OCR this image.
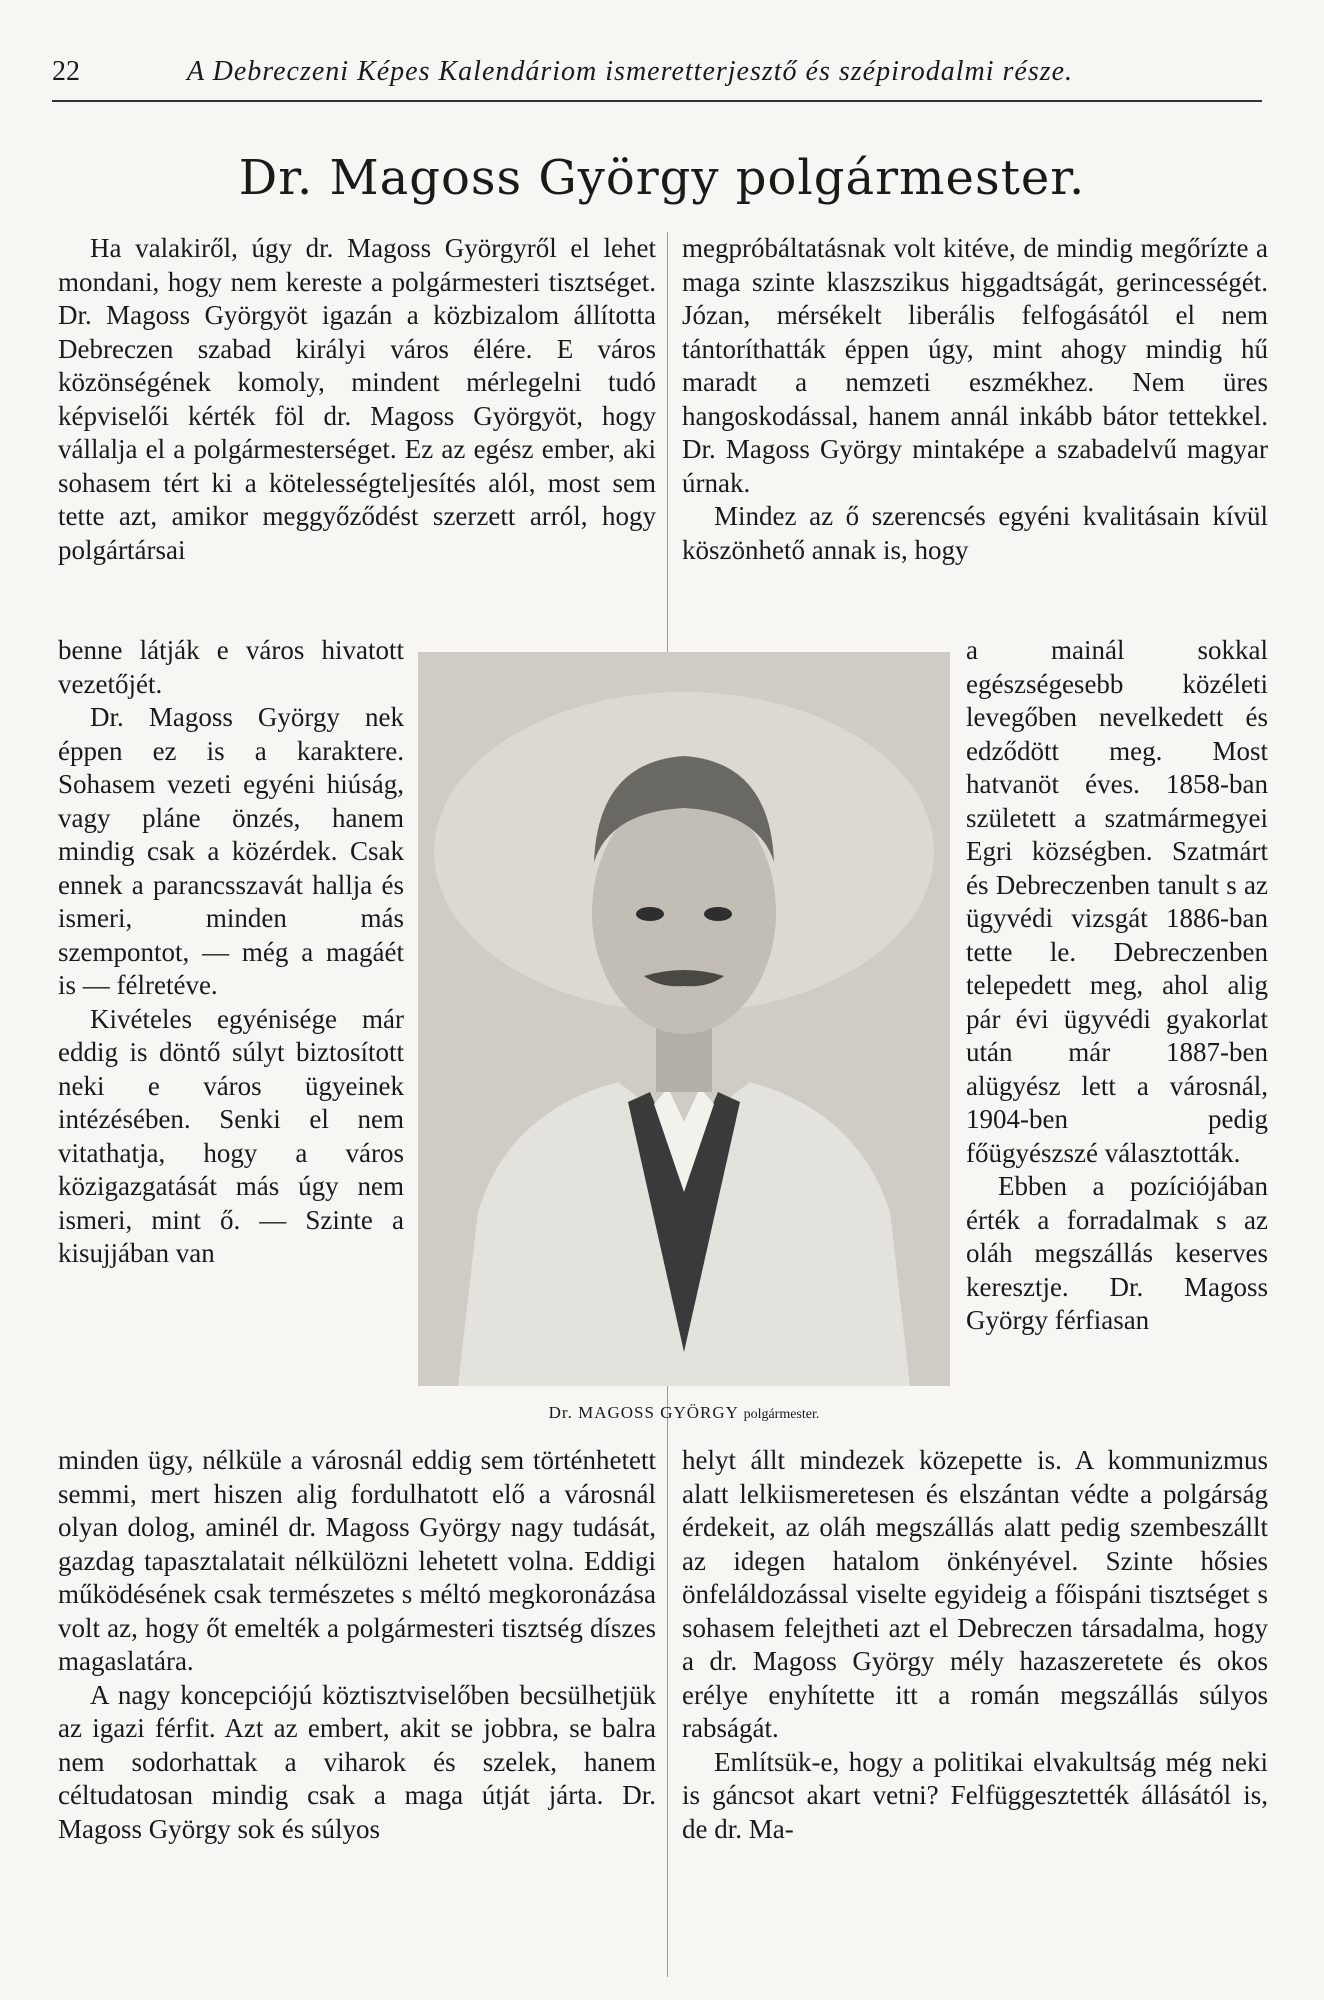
22	A Debreczeni Képes Kalendáriom ismeretterjesztő és szépirodalmi része.
Dr. Magoss György polgármester.

Ha valakiről, úgy dr. Magoss Györgyről el lehet mondani, hogy nem kereste a polgármesteri tisztséget. Dr. Magoss Györgyöt igazán a közbizalom állította Debreczen szabad királyi város élére. E város közönségének komoly, mindent mérlegelni tudó képviselői kérték föl dr. Magoss Györgyöt, hogy vállalja el a polgármesterséget. Ez az egész ember, aki sohasem tért ki a kötelességteljesítés alól, most sem tette azt, amikor meggyőződést szerzett arról, hogy polgártársai

benne látják e város hivatott vezetőjét.

Dr. Magoss György nek éppen ez is a karaktere. Sohasem vezeti egyéni hiúság, vagy pláne önzés, hanem mindig csak a közérdek. Csak ennek a parancsszavát hallja és ismeri, minden más szempontot, — még a magáét is — félretéve.

Kivételes egyénisége már eddig is döntő súlyt biztosított neki e város ügyeinek intézésében. Senki el nem vitathatja, hogy a város közigazgatását más úgy nem ismeri, mint ő. — Szinte a kisujjában van

minden ügy, nélküle a városnál eddig sem történhetett semmi, mert hiszen alig fordulhatott elő a városnál olyan dolog, aminél dr. Magoss György nagy tudását, gazdag tapasztalatait nélkülözni lehetett volna. Eddigi működésének csak természetes s méltó megkoronázása volt az, hogy őt emelték a polgármesteri tisztség díszes magaslatára.

A nagy koncepciójú köztisztviselőben becsülhetjük az igazi férfit. Azt az embert, akit se jobbra, se balra nem sodorhattak a viharok és szelek, hanem céltudatosan mindig csak a maga útját járta. Dr. Magoss György sok és súlyos

megpróbáltatásnak volt kitéve, de mindig megőrízte a maga szinte klaszszikus higgadtságát, gerincességét. Józan, mérsékelt liberális felfogásától el nem tántoríthatták éppen úgy, mint ahogy mindig hű maradt a nemzeti eszmékhez. Nem üres hangoskodással, hanem annál inkább bátor tettekkel. Dr. Magoss György mintaképe a szabadelvű magyar úrnak.

Mindez az ő szerencsés egyéni kvalitásain kívül köszönhető annak is, hogy

a mainál sokkal egészségesebb közéleti levegőben nevelkedett és edződött meg. Most hatvanöt éves. 1858-ban született a szatmármegyei Egri községben. Szatmárt és Debreczenben tanult s az ügyvédi vizsgát 1886-ban tette le. Debreczenben telepedett meg, ahol alig pár évi ügyvédi gyakorlat után már 1887-ben alügyész lett a városnál, 1904-ben pedig főügyészszé választották.

Ebben a pozíciójában érték a forradalmak s az oláh megszállás keserves keresztje. Dr. Magoss György férfiasan

helyt állt mindezek közepette is. A kommunizmus alatt lelkiismeretesen és elszántan védte a polgárság érdekeit, az oláh megszállás alatt pedig szembeszállt az idegen hatalom önkényével. Szinte hősies önfeláldozással viselte egyideig a főispáni tisztséget s sohasem felejtheti azt el Debreczen társadalma, hogy a dr. Magoss György mély hazaszeretete és okos erélye enyhítette itt a román megszállás súlyos rabságát.

Említsük-e, hogy a politikai elvakultság még neki is gáncsot akart vetni? Felfüggesztették állásától is, de dr. Ma-

Dr. MAGOSS GYÖRGY polgármester.
